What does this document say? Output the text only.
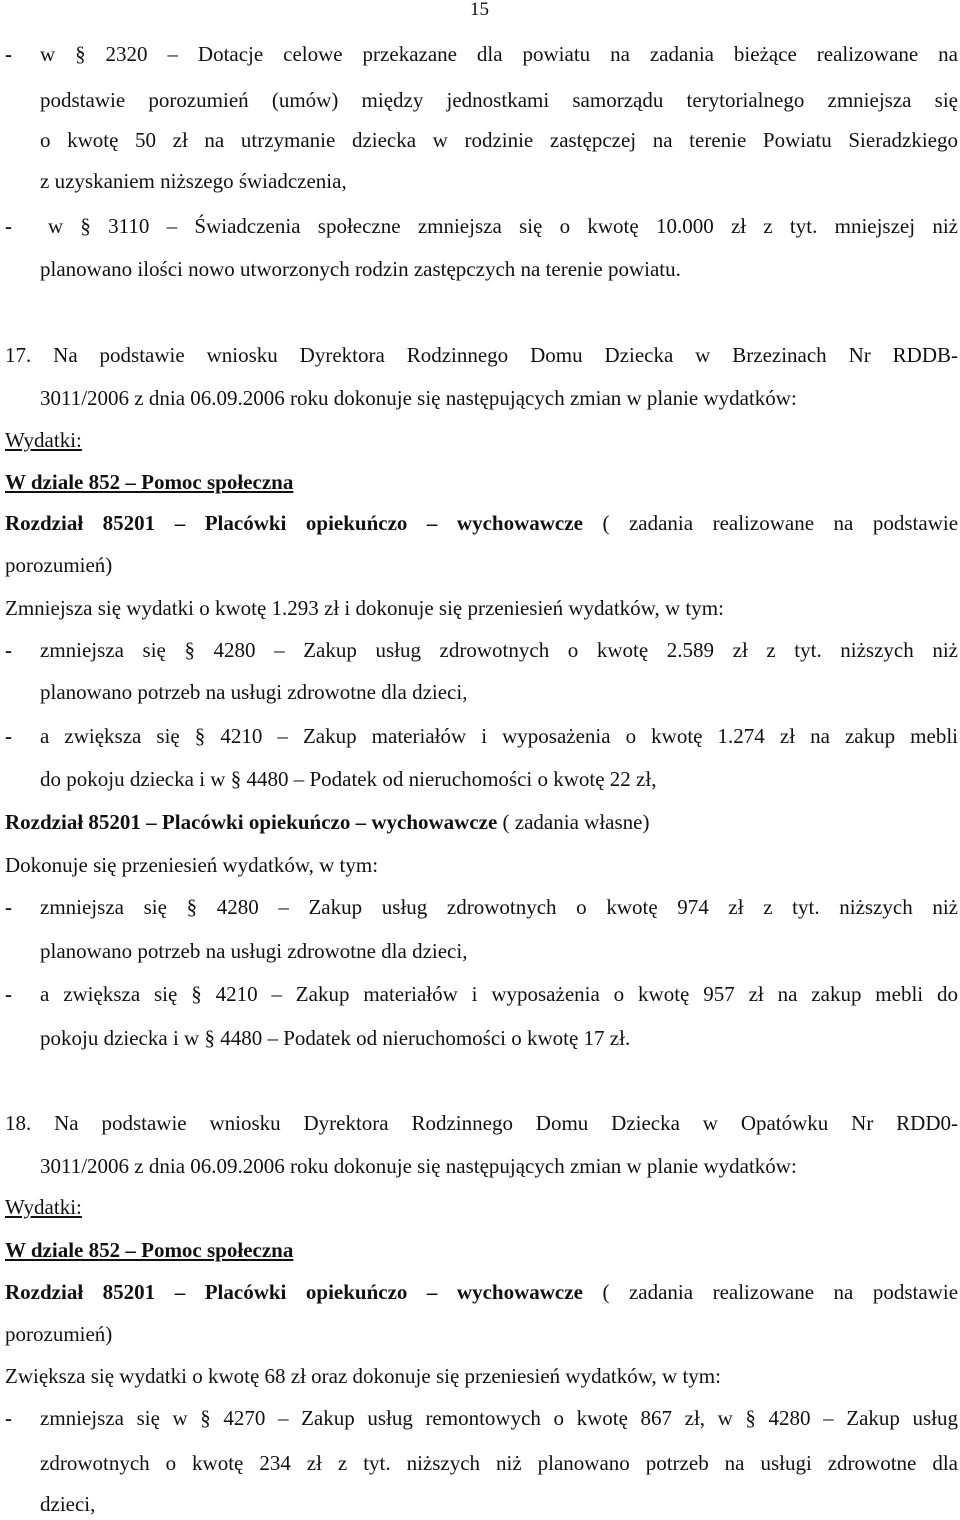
15
- w § 2320 – Dotacje celowe przekazane dla powiatu na zadania bieżące realizowane na
podstawie porozumień (umów) między jednostkami samorządu terytorialnego zmniejsza się
o kwotę 50 zł na utrzymanie dziecka w rodzinie zastępczej na terenie Powiatu Sieradzkiego
z uzyskaniem niższego świadczenia,
- w § 3110 – Świadczenia społeczne zmniejsza się o kwotę 10.000 zł z tyt. mniejszej niż
planowano ilości nowo utworzonych rodzin zastępczych na terenie powiatu.
17. Na podstawie wniosku Dyrektora Rodzinnego Domu Dziecka w Brzezinach Nr RDDB-
3011/2006 z dnia 06.09.2006 roku dokonuje się następujących zmian w planie wydatków:
Wydatki:
W dziale 852 – Pomoc społeczna
Rozdział 85201 – Placówki opiekuńczo – wychowawcze ( zadania realizowane na podstawie
porozumień)
Zmniejsza się wydatki o kwotę 1.293 zł i dokonuje się przeniesień wydatków, w tym:
- zmniejsza się § 4280 – Zakup usług zdrowotnych o kwotę 2.589 zł z tyt. niższych niż
planowano potrzeb na usługi zdrowotne dla dzieci,
- a zwiększa się § 4210 – Zakup materiałów i wyposażenia o kwotę 1.274 zł na zakup mebli
do pokoju dziecka i w § 4480 – Podatek od nieruchomości o kwotę 22 zł,
Rozdział 85201 – Placówki opiekuńczo – wychowawcze ( zadania własne)
Dokonuje się przeniesień wydatków, w tym:
- zmniejsza się § 4280 – Zakup usług zdrowotnych o kwotę 974 zł z tyt. niższych niż
planowano potrzeb na usługi zdrowotne dla dzieci,
- a zwiększa się § 4210 – Zakup materiałów i wyposażenia o kwotę 957 zł na zakup mebli do
pokoju dziecka i w § 4480 – Podatek od nieruchomości o kwotę 17 zł.
18. Na podstawie wniosku Dyrektora Rodzinnego Domu Dziecka w Opatówku Nr RDD0-
3011/2006 z dnia 06.09.2006 roku dokonuje się następujących zmian w planie wydatków:
Wydatki:
W dziale 852 – Pomoc społeczna
Rozdział 85201 – Placówki opiekuńczo – wychowawcze ( zadania realizowane na podstawie
porozumień)
Zwiększa się wydatki o kwotę 68 zł oraz dokonuje się przeniesień wydatków, w tym:
- zmniejsza się w § 4270 – Zakup usług remontowych o kwotę 867 zł, w § 4280 – Zakup usług
zdrowotnych o kwotę 234 zł z tyt. niższych niż planowano potrzeb na usługi zdrowotne dla
dzieci,
